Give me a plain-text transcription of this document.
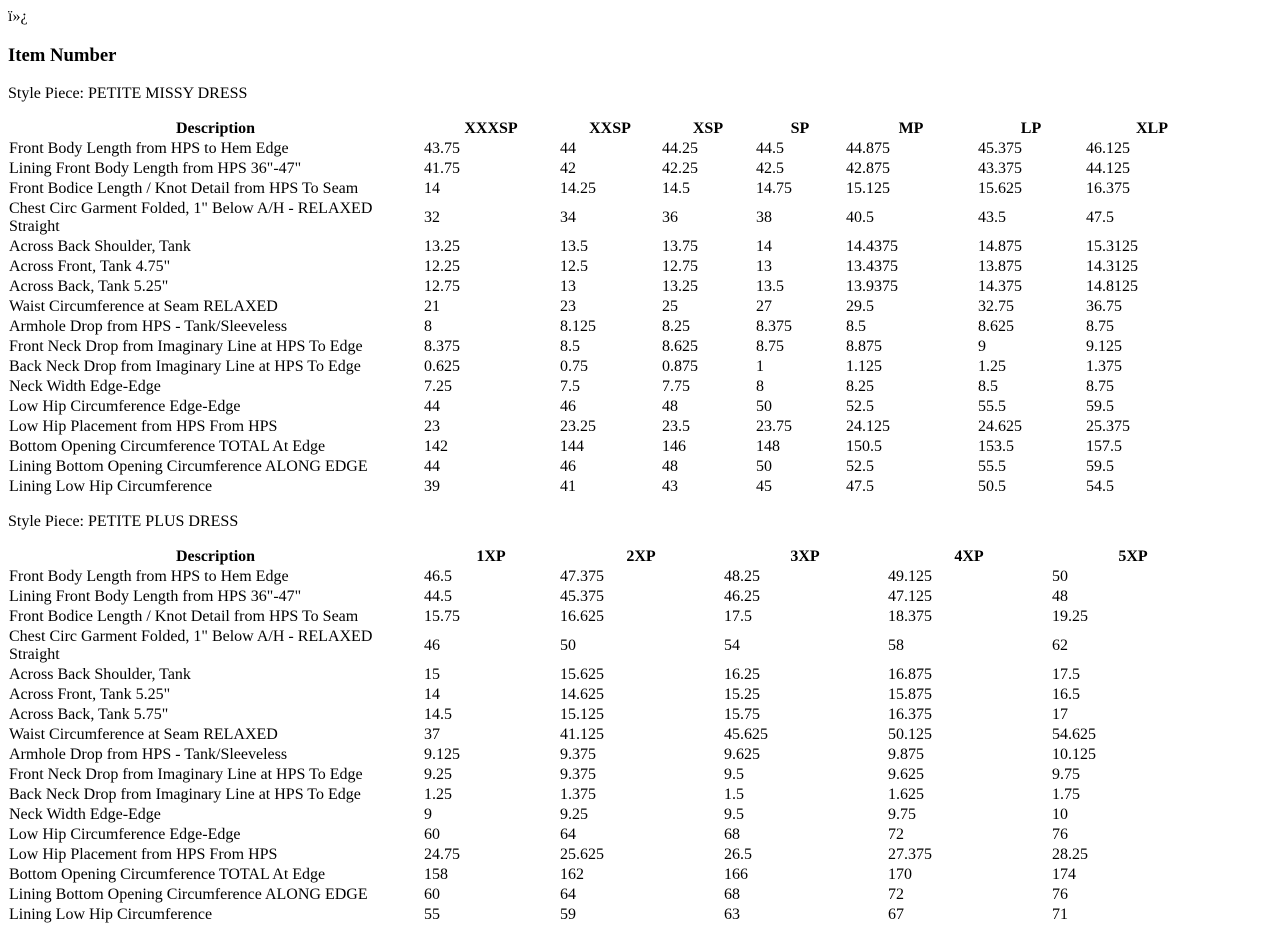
ï»¿
Item Number

Style Piece: PETITE MISSY DRESS

Description	XXXSP	XXSP	XSP	SP	MP	LP	XLP
Front Body Length from HPS to Hem Edge	43.75	44	44.25	44.5	44.875	45.375	46.125
Lining Front Body Length from HPS 36"-47"	41.75	42	42.25	42.5	42.875	43.375	44.125
Front Bodice Length / Knot Detail from HPS To Seam	14	14.25	14.5	14.75	15.125	15.625	16.375
Chest Circ Garment Folded, 1" Below A/H - RELAXED Straight	32	34	36	38	40.5	43.5	47.5
Across Back Shoulder, Tank	13.25	13.5	13.75	14	14.4375	14.875	15.3125
Across Front, Tank 4.75"	12.25	12.5	12.75	13	13.4375	13.875	14.3125
Across Back, Tank 5.25"	12.75	13	13.25	13.5	13.9375	14.375	14.8125
Waist Circumference at Seam RELAXED	21	23	25	27	29.5	32.75	36.75
Armhole Drop from HPS - Tank/Sleeveless	8	8.125	8.25	8.375	8.5	8.625	8.75
Front Neck Drop from Imaginary Line at HPS To Edge	8.375	8.5	8.625	8.75	8.875	9	9.125
Back Neck Drop from Imaginary Line at HPS To Edge	0.625	0.75	0.875	1	1.125	1.25	1.375
Neck Width Edge-Edge	7.25	7.5	7.75	8	8.25	8.5	8.75
Low Hip Circumference Edge-Edge	44	46	48	50	52.5	55.5	59.5
Low Hip Placement from HPS From HPS	23	23.25	23.5	23.75	24.125	24.625	25.375
Bottom Opening Circumference TOTAL At Edge	142	144	146	148	150.5	153.5	157.5
Lining Bottom Opening Circumference ALONG EDGE	44	46	48	50	52.5	55.5	59.5
Lining Low Hip Circumference	39	41	43	45	47.5	50.5	54.5

Style Piece: PETITE PLUS DRESS

Description	1XP	2XP	3XP	4XP	5XP
Front Body Length from HPS to Hem Edge	46.5	47.375	48.25	49.125	50
Lining Front Body Length from HPS 36"-47"	44.5	45.375	46.25	47.125	48
Front Bodice Length / Knot Detail from HPS To Seam	15.75	16.625	17.5	18.375	19.25
Chest Circ Garment Folded, 1" Below A/H - RELAXED Straight	46	50	54	58	62
Across Back Shoulder, Tank	15	15.625	16.25	16.875	17.5
Across Front, Tank 5.25"	14	14.625	15.25	15.875	16.5
Across Back, Tank 5.75"	14.5	15.125	15.75	16.375	17
Waist Circumference at Seam RELAXED	37	41.125	45.625	50.125	54.625
Armhole Drop from HPS - Tank/Sleeveless	9.125	9.375	9.625	9.875	10.125
Front Neck Drop from Imaginary Line at HPS To Edge	9.25	9.375	9.5	9.625	9.75
Back Neck Drop from Imaginary Line at HPS To Edge	1.25	1.375	1.5	1.625	1.75
Neck Width Edge-Edge	9	9.25	9.5	9.75	10
Low Hip Circumference Edge-Edge	60	64	68	72	76
Low Hip Placement from HPS From HPS	24.75	25.625	26.5	27.375	28.25
Bottom Opening Circumference TOTAL At Edge	158	162	166	170	174
Lining Bottom Opening Circumference ALONG EDGE	60	64	68	72	76
Lining Low Hip Circumference	55	59	63	67	71
